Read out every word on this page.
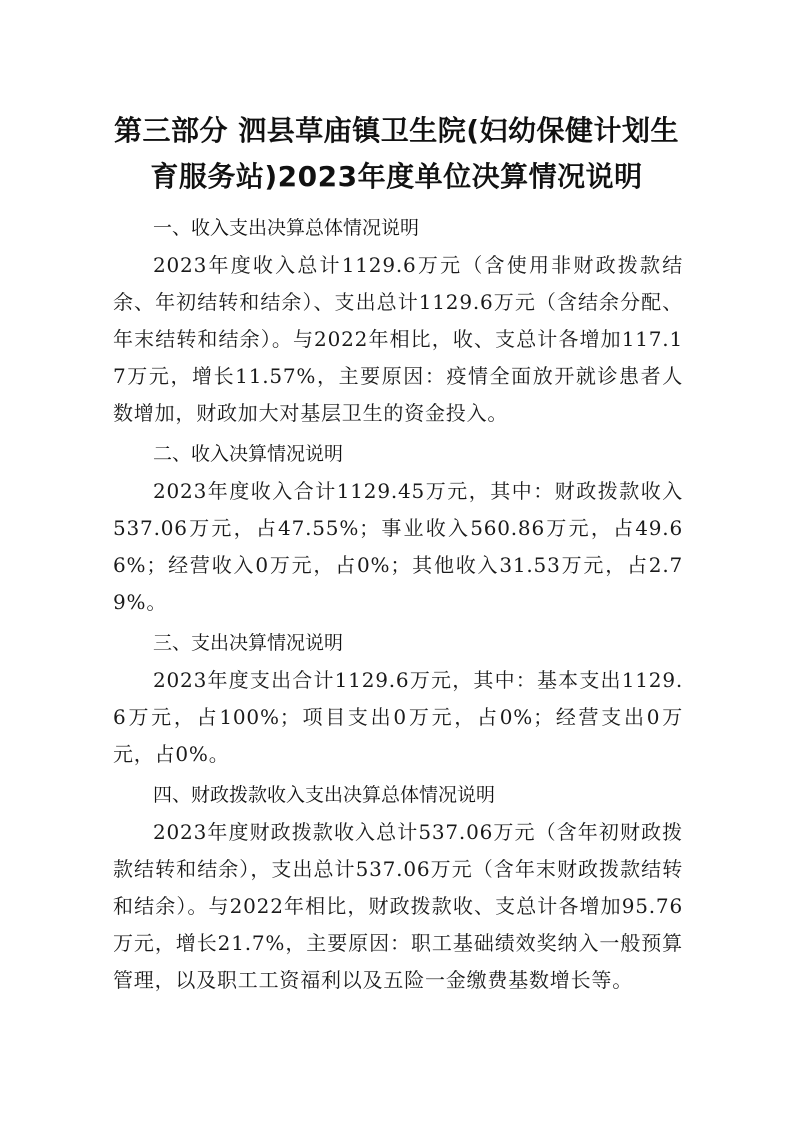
第三部分 泗县草庙镇卫生院(妇幼保健计划生育服务站)2023年度单位决算情况说明

一、收入支出决算总体情况说明

2023年度收入总计1129.6万元（含使用非财政拨款结余、年初结转和结余）、支出总计1129.6万元（含结余分配、年末结转和结余）。与2022年相比，收、支总计各增加117.17万元，增长11.57%，主要原因：疫情全面放开就诊患者人数增加，财政加大对基层卫生的资金投入。

二、收入决算情况说明

2023年度收入合计1129.45万元，其中：财政拨款收入537.06万元，占47.55%；事业收入560.86万元，占49.66%；经营收入0万元，占0%；其他收入31.53万元，占2.79%。

三、支出决算情况说明

2023年度支出合计1129.6万元，其中：基本支出1129.6万元，占100%；项目支出0万元，占0%；经营支出0万元，占0%。

四、财政拨款收入支出决算总体情况说明

2023年度财政拨款收入总计537.06万元（含年初财政拨款结转和结余），支出总计537.06万元（含年末财政拨款结转和结余）。与2022年相比，财政拨款收、支总计各增加95.76万元，增长21.7%，主要原因：职工基础绩效奖纳入一般预算管理，以及职工工资福利以及五险一金缴费基数增长等。
